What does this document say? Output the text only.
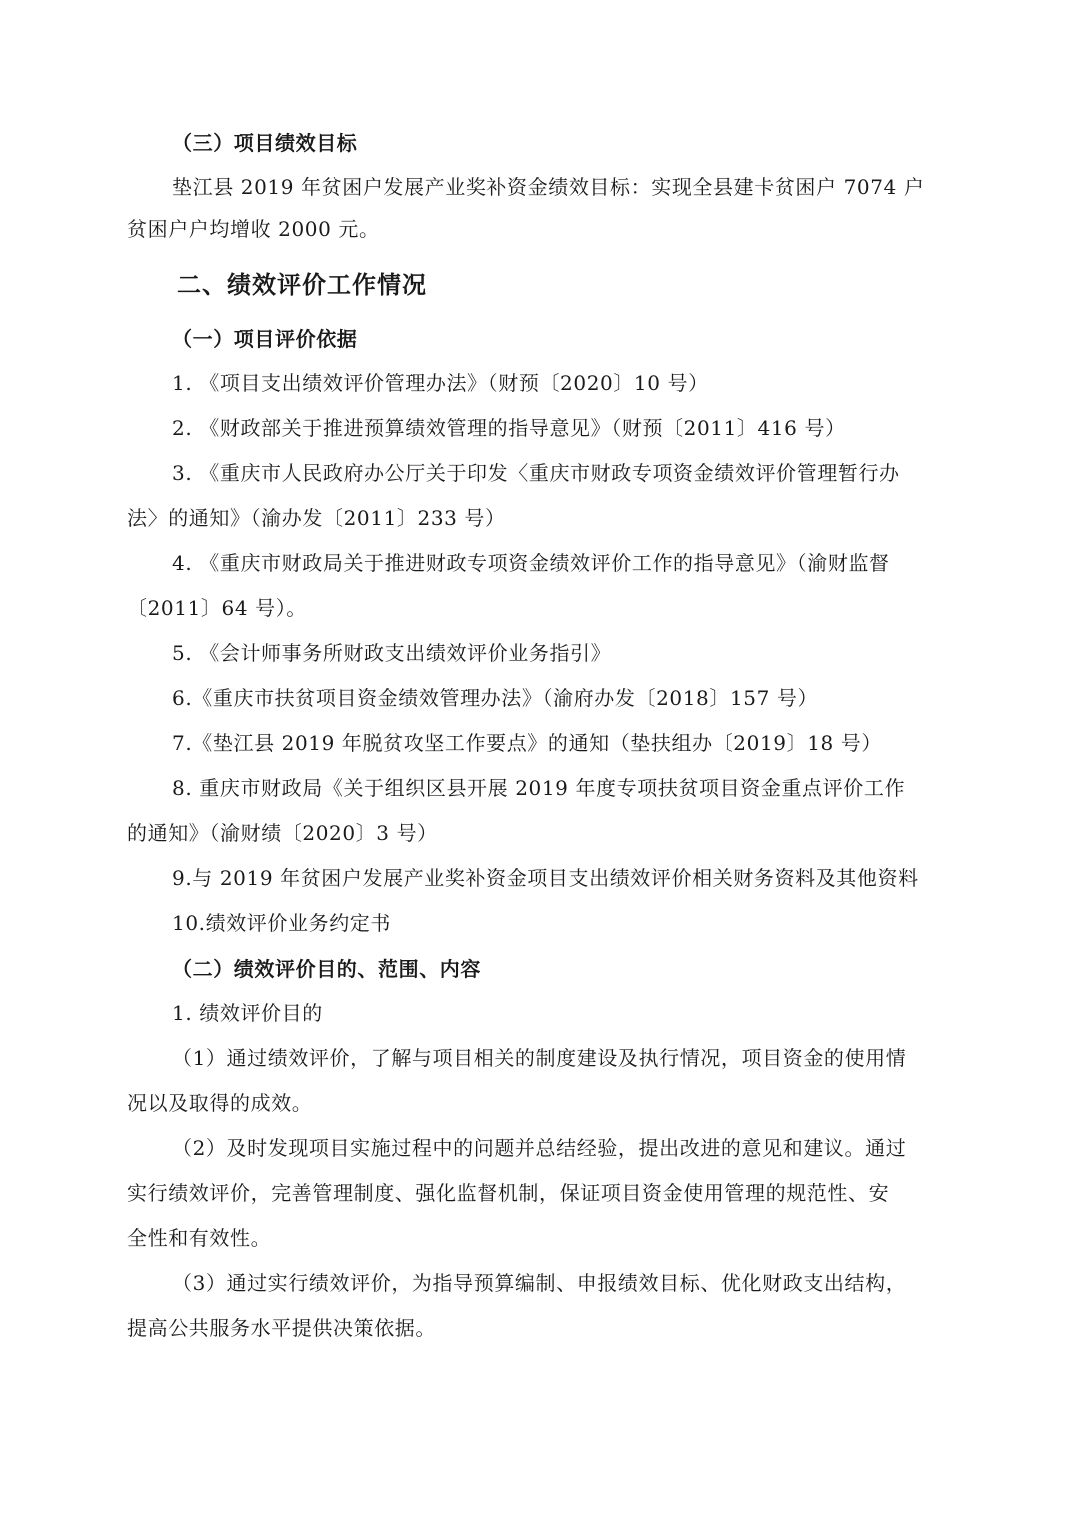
（三）项目绩效目标
垫江县 2019 年贫困户发展产业奖补资金绩效目标：实现全县建卡贫困户 7074 户
贫困户户均增收 2000 元。
二、绩效评价工作情况
（一）项目评价依据
1. 《项目支出绩效评价管理办法》（财预〔2020〕10 号）
2. 《财政部关于推进预算绩效管理的指导意见》（财预〔2011〕416 号）
3. 《重庆市人民政府办公厅关于印发〈重庆市财政专项资金绩效评价管理暂行办
法〉的通知》（渝办发〔2011〕233 号）
4. 《重庆市财政局关于推进财政专项资金绩效评价工作的指导意见》（渝财监督
〔2011〕64 号）。
5. 《会计师事务所财政支出绩效评价业务指引》
6.《重庆市扶贫项目资金绩效管理办法》（渝府办发〔2018〕157 号）
7.《垫江县 2019 年脱贫攻坚工作要点》的通知（垫扶组办〔2019〕18 号）
8. 重庆市财政局《关于组织区县开展 2019 年度专项扶贫项目资金重点评价工作
的通知》（渝财绩〔2020〕3 号）
9.与 2019 年贫困户发展产业奖补资金项目支出绩效评价相关财务资料及其他资料
10.绩效评价业务约定书
（二）绩效评价目的、范围、内容
1. 绩效评价目的
（1）通过绩效评价，了解与项目相关的制度建设及执行情况，项目资金的使用情
况以及取得的成效。
（2）及时发现项目实施过程中的问题并总结经验，提出改进的意见和建议。通过
实行绩效评价，完善管理制度、强化监督机制，保证项目资金使用管理的规范性、安
全性和有效性。
（3）通过实行绩效评价，为指导预算编制、申报绩效目标、优化财政支出结构，
提高公共服务水平提供决策依据。
